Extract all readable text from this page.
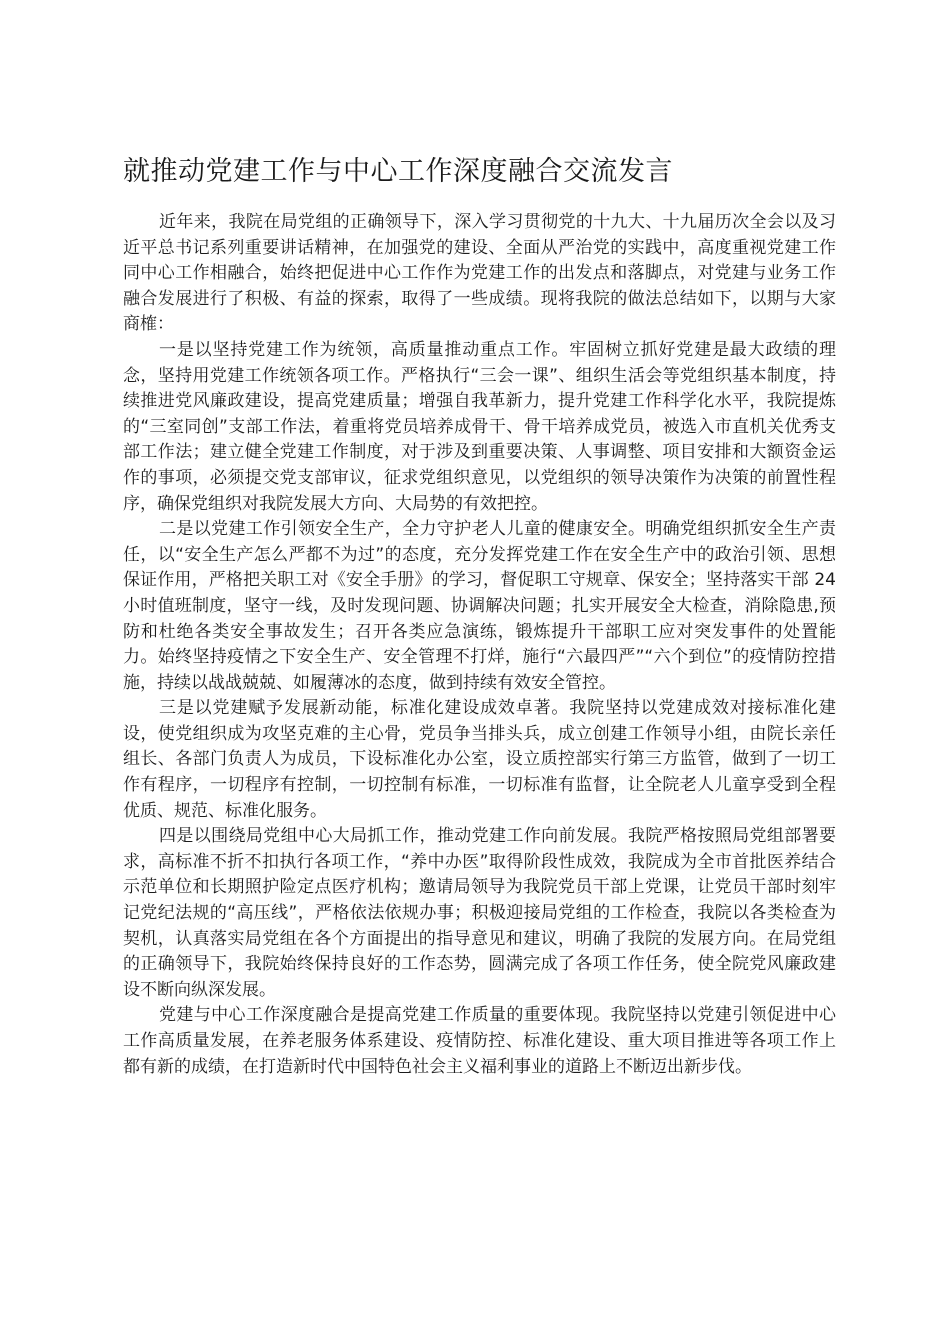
就推动党建工作与中心工作深度融合交流发言

近年来，我院在局党组的正确领导下，深入学习贯彻党的十九大、十九届历次全会以及习近平总书记系列重要讲话精神，在加强党的建设、全面从严治党的实践中，高度重视党建工作同中心工作相融合，始终把促进中心工作作为党建工作的出发点和落脚点，对党建与业务工作融合发展进行了积极、有益的探索，取得了一些成绩。现将我院的做法总结如下，以期与大家商榷：

一是以坚持党建工作为统领，高质量推动重点工作。牢固树立抓好党建是最大政绩的理念，坚持用党建工作统领各项工作。严格执行“三会一课”、组织生活会等党组织基本制度，持续推进党风廉政建设，提高党建质量；增强自我革新力，提升党建工作科学化水平，我院提炼的“三室同创”支部工作法，着重将党员培养成骨干、骨干培养成党员，被选入市直机关优秀支部工作法；建立健全党建工作制度，对于涉及到重要决策、人事调整、项目安排和大额资金运作的事项，必须提交党支部审议，征求党组织意见，以党组织的领导决策作为决策的前置性程序，确保党组织对我院发展大方向、大局势的有效把控。

二是以党建工作引领安全生产，全力守护老人儿童的健康安全。明确党组织抓安全生产责任，以“安全生产怎么严都不为过”的态度，充分发挥党建工作在安全生产中的政治引领、思想保证作用，严格把关职工对《安全手册》的学习，督促职工守规章、保安全；坚持落实干部 24 小时值班制度，坚守一线，及时发现问题、协调解决问题；扎实开展安全大检查，消除隐患,预防和杜绝各类安全事故发生；召开各类应急演练，锻炼提升干部职工应对突发事件的处置能力。始终坚持疫情之下安全生产、安全管理不打烊，施行“六最四严”“六个到位”的疫情防控措施，持续以战战兢兢、如履薄冰的态度，做到持续有效安全管控。

三是以党建赋予发展新动能，标准化建设成效卓著。我院坚持以党建成效对接标准化建设，使党组织成为攻坚克难的主心骨，党员争当排头兵，成立创建工作领导小组，由院长亲任组长、各部门负责人为成员，下设标准化办公室，设立质控部实行第三方监管，做到了一切工作有程序，一切程序有控制，一切控制有标准，一切标准有监督，让全院老人儿童享受到全程优质、规范、标准化服务。

四是以围绕局党组中心大局抓工作，推动党建工作向前发展。我院严格按照局党组部署要求，高标准不折不扣执行各项工作，“养中办医”取得阶段性成效，我院成为全市首批医养结合示范单位和长期照护险定点医疗机构；邀请局领导为我院党员干部上党课，让党员干部时刻牢记党纪法规的“高压线”，严格依法依规办事；积极迎接局党组的工作检查，我院以各类检查为契机，认真落实局党组在各个方面提出的指导意见和建议，明确了我院的发展方向。在局党组的正确领导下，我院始终保持良好的工作态势，圆满完成了各项工作任务，使全院党风廉政建设不断向纵深发展。

党建与中心工作深度融合是提高党建工作质量的重要体现。我院坚持以党建引领促进中心工作高质量发展，在养老服务体系建设、疫情防控、标准化建设、重大项目推进等各项工作上都有新的成绩，在打造新时代中国特色社会主义福利事业的道路上不断迈出新步伐。
